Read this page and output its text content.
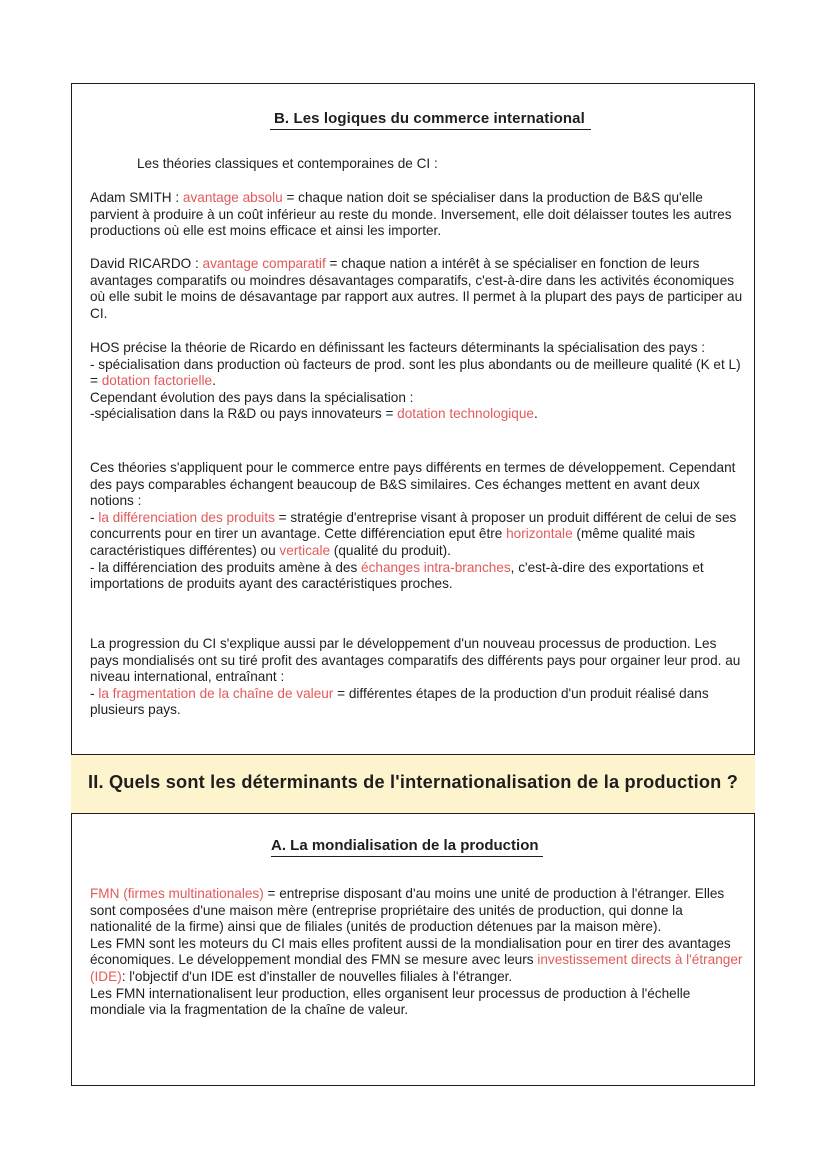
B. Les logiques du commerce international
Les théories classiques et contemporaines de CI :
Adam SMITH : avantage absolu = chaque nation doit se spécialiser dans la production de B&S qu'elle parvient à produire à un coût inférieur au reste du monde. Inversement, elle doit délaisser toutes les autres productions où elle est moins efficace et ainsi les importer.
David RICARDO : avantage comparatif = chaque nation a intérêt à se spécialiser en fonction de leurs avantages comparatifs ou moindres désavantages comparatifs, c'est-à-dire dans les activités économiques où elle subit le moins de désavantage par rapport aux autres. Il permet à la plupart des pays de participer au CI.
HOS précise la théorie de Ricardo en définissant les facteurs déterminants la spécialisation des pays :
- spécialisation dans production où facteurs de prod. sont les plus abondants ou de meilleure qualité (K et L) = dotation factorielle.
Cependant évolution des pays dans la spécialisation :
-spécialisation dans la R&D ou pays innovateurs = dotation technologique.
Ces théories s'appliquent pour le commerce entre pays différents en termes de développement. Cependant des pays comparables échangent beaucoup de B&S similaires. Ces échanges mettent en avant deux notions :
- la différenciation des produits = stratégie d'entreprise visant à proposer un produit différent de celui de ses concurrents pour en tirer un avantage. Cette différenciation eput être horizontale (même qualité mais caractéristiques différentes) ou verticale (qualité du produit).
- la différenciation des produits amène à des échanges intra-branches, c'est-à-dire des exportations et importations de produits ayant des caractéristiques proches.
La progression du CI s'explique aussi par le développement d'un nouveau processus de production. Les pays mondialisés ont su tiré profit des avantages comparatifs des différents pays pour orgainer leur prod. au niveau international, entraînant :
- la fragmentation de la chaîne de valeur = différentes étapes de la production d'un produit réalisé dans plusieurs pays.
II. Quels sont les déterminants de l'internationalisation de la production ?
A. La mondialisation de la production
FMN (firmes multinationales) = entreprise disposant d'au moins une unité de production à l'étranger. Elles sont composées d'une maison mère (entreprise propriétaire des unités de production, qui donne la nationalité de la firme) ainsi que de filiales (unités de production détenues par la maison mère).
Les FMN sont les moteurs du CI mais elles profitent aussi de la mondialisation pour en tirer des avantages économiques. Le développement mondial des FMN se mesure avec leurs investissement directs à l'étranger (IDE): l'objectif d'un IDE est d'installer de nouvelles filiales à l'étranger.
Les FMN internationalisent leur production, elles organisent leur processus de production à l'échelle mondiale via la fragmentation de la chaîne de valeur.
